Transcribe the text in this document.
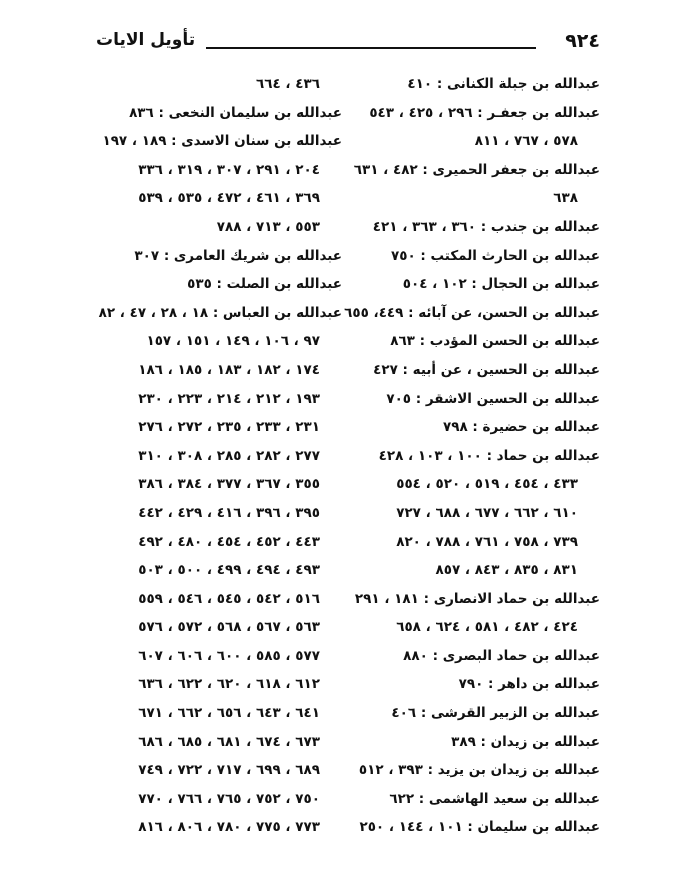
٩٢٤
تأويل الايات
عبدالله بن جبلة الكنانى : ٤١٠
عبدالله بن جعفـر : ٢٩٦ ، ٤٢٥ ، ٥٤٣
٥٧٨ ، ٧٦٧ ، ٨١١
عبدالله بن جعفر الحميرى : ٤٨٢ ، ٦٣١
٦٣٨
عبدالله بن جندب : ٣٦٠ ، ٣٦٣ ، ٤٢١
عبدالله بن الحارث المكتب : ٧٥٠
عبدالله بن الحجال : ١٠٢ ، ٥٠٤
عبدالله بن الحسن، عن آبائه : ٤٤٩، ٦٥٥
عبدالله بن الحسن المؤدب : ٨٦٣
عبدالله بن الحسين ، عن أبيه : ٤٢٧
عبدالله بن الحسين الاشقر : ٧٠٥
عبدالله بن حضيرة : ٧٩٨
عبدالله بن حماد : ١٠٠ ، ١٠٣ ، ٤٢٨
٤٣٣ ، ٤٥٤ ، ٥١٩ ، ٥٢٠ ، ٥٥٤
٦١٠ ، ٦٦٢ ، ٦٧٧ ، ٦٨٨ ، ٧٢٧
٧٣٩ ، ٧٥٨ ، ٧٦١ ، ٧٨٨ ، ٨٢٠
٨٣١ ، ٨٣٥ ، ٨٤٣ ، ٨٥٧
عبدالله بن حماد الانصارى : ١٨١ ، ٢٩١
٤٢٤ ، ٤٨٢ ، ٥٨١ ، ٦٢٤ ، ٦٥٨
عبدالله بن حماد البصرى : ٨٨٠
عبدالله بن داهر : ٧٩٠
عبدالله بن الزبير القرشى : ٤٠٦
عبدالله بن زيدان : ٣٨٩
عبدالله بن زيدان بن يزيد : ٣٩٣ ، ٥١٢
عبدالله بن سعيد الهاشمى : ٦٢٢
عبدالله بن سليمان : ١٠١ ، ١٤٤ ، ٢٥٠
٤٣٦ ، ٦٦٤
عبدالله بن سليمان النخعى : ٨٣٦
عبدالله بن سنان الاسدى : ١٨٩ ، ١٩٧
٢٠٤ ، ٢٩١ ، ٣٠٧ ، ٣١٩ ، ٣٣٦
٣٦٩ ، ٤٦١ ، ٤٧٢ ، ٥٣٥ ، ٥٣٩
٥٥٣ ، ٧١٣ ، ٧٨٨
عبدالله بن شريك العامرى : ٣٠٧
عبدالله بن الصلت : ٥٣٥
عبدالله بن العباس : ١٨ ، ٢٨ ، ٤٧ ، ٨٢
٩٧ ، ١٠٦ ، ١٤٩ ، ١٥١ ، ١٥٧
١٧٤ ، ١٨٢ ، ١٨٣ ، ١٨٥ ، ١٨٦
١٩٣ ، ٢١٢ ، ٢١٤ ، ٢٢٣ ، ٢٣٠
٢٣١ ، ٢٣٣ ، ٢٣٥ ، ٢٧٢ ، ٢٧٦
٢٧٧ ، ٢٨٢ ، ٢٨٥ ، ٣٠٨ ، ٣١٠
٣٥٥ ، ٣٦٧ ، ٣٧٧ ، ٣٨٤ ، ٣٨٦
٣٩٥ ، ٣٩٦ ، ٤١٦ ، ٤٢٩ ، ٤٤٢
٤٤٣ ، ٤٥٢ ، ٤٥٤ ، ٤٨٠ ، ٤٩٢
٤٩٣ ، ٤٩٤ ، ٤٩٩ ، ٥٠٠ ، ٥٠٣
٥١٦ ، ٥٤٢ ، ٥٤٥ ، ٥٤٦ ، ٥٥٩
٥٦٣ ، ٥٦٧ ، ٥٦٨ ، ٥٧٢ ، ٥٧٦
٥٧٧ ، ٥٨٥ ، ٦٠٠ ، ٦٠٦ ، ٦٠٧
٦١٢ ، ٦١٨ ، ٦٢٠ ، ٦٢٢ ، ٦٣٦
٦٤١ ، ٦٤٣ ، ٦٥٦ ، ٦٦٢ ، ٦٧١
٦٧٣ ، ٦٧٤ ، ٦٨١ ، ٦٨٥ ، ٦٨٦
٦٨٩ ، ٦٩٩ ، ٧١٧ ، ٧٢٢ ، ٧٤٩
٧٥٠ ، ٧٥٢ ، ٧٦٥ ، ٧٦٦ ، ٧٧٠
٧٧٣ ، ٧٧٥ ، ٧٨٠ ، ٨٠٦ ، ٨١٦
